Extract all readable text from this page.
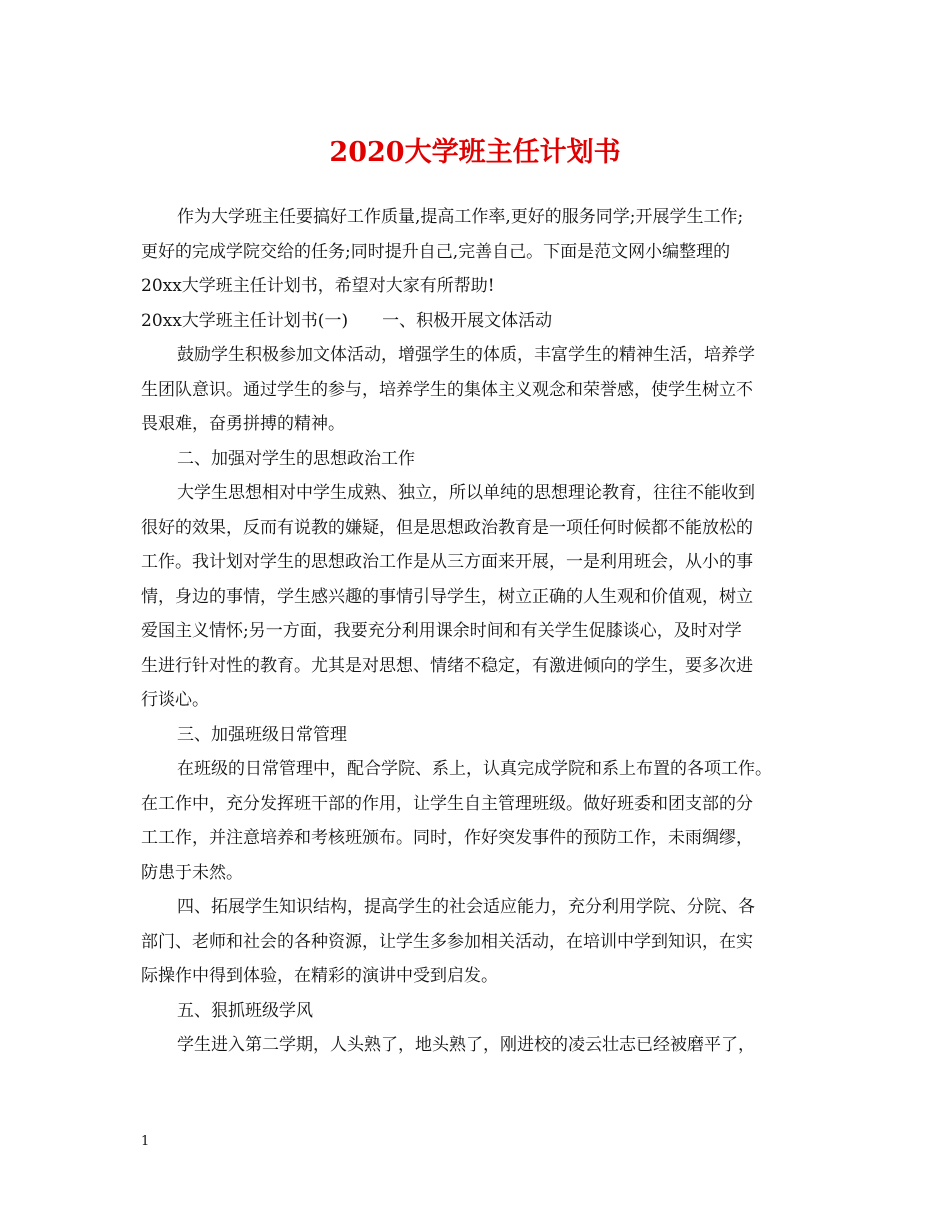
2020大学班主任计划书

作为大学班主任要搞好工作质量,提高工作率,更好的服务同学;开展学生工作;

更好的完成学院交给的任务;同时提升自己,完善自己。下面是范文网小编整理的

20xx大学班主任计划书，希望对大家有所帮助!

20xx大学班主任计划书(一) 一、积极开展文体活动

鼓励学生积极参加文体活动，增强学生的体质，丰富学生的精神生活，培养学

生团队意识。通过学生的参与，培养学生的集体主义观念和荣誉感，使学生树立不

畏艰难，奋勇拼搏的精神。

二、加强对学生的思想政治工作

大学生思想相对中学生成熟、独立，所以单纯的思想理论教育，往往不能收到

很好的效果，反而有说教的嫌疑，但是思想政治教育是一项任何时候都不能放松的

工作。我计划对学生的思想政治工作是从三方面来开展，一是利用班会，从小的事

情，身边的事情，学生感兴趣的事情引导学生，树立正确的人生观和价值观，树立

爱国主义情怀;另一方面，我要充分利用课余时间和有关学生促膝谈心，及时对学

生进行针对性的教育。尤其是对思想、情绪不稳定，有激进倾向的学生，要多次进

行谈心。

三、加强班级日常管理

在班级的日常管理中，配合学院、系上，认真完成学院和系上布置的各项工作。

在工作中，充分发挥班干部的作用，让学生自主管理班级。做好班委和团支部的分

工工作，并注意培养和考核班颁布。同时，作好突发事件的预防工作，未雨绸缪，

防患于未然。

四、拓展学生知识结构，提高学生的社会适应能力，充分利用学院、分院、各

部门、老师和社会的各种资源，让学生多参加相关活动，在培训中学到知识，在实

际操作中得到体验，在精彩的演讲中受到启发。

五、狠抓班级学风

学生进入第二学期，人头熟了，地头熟了，刚进校的凌云壮志已经被磨平了，

1
